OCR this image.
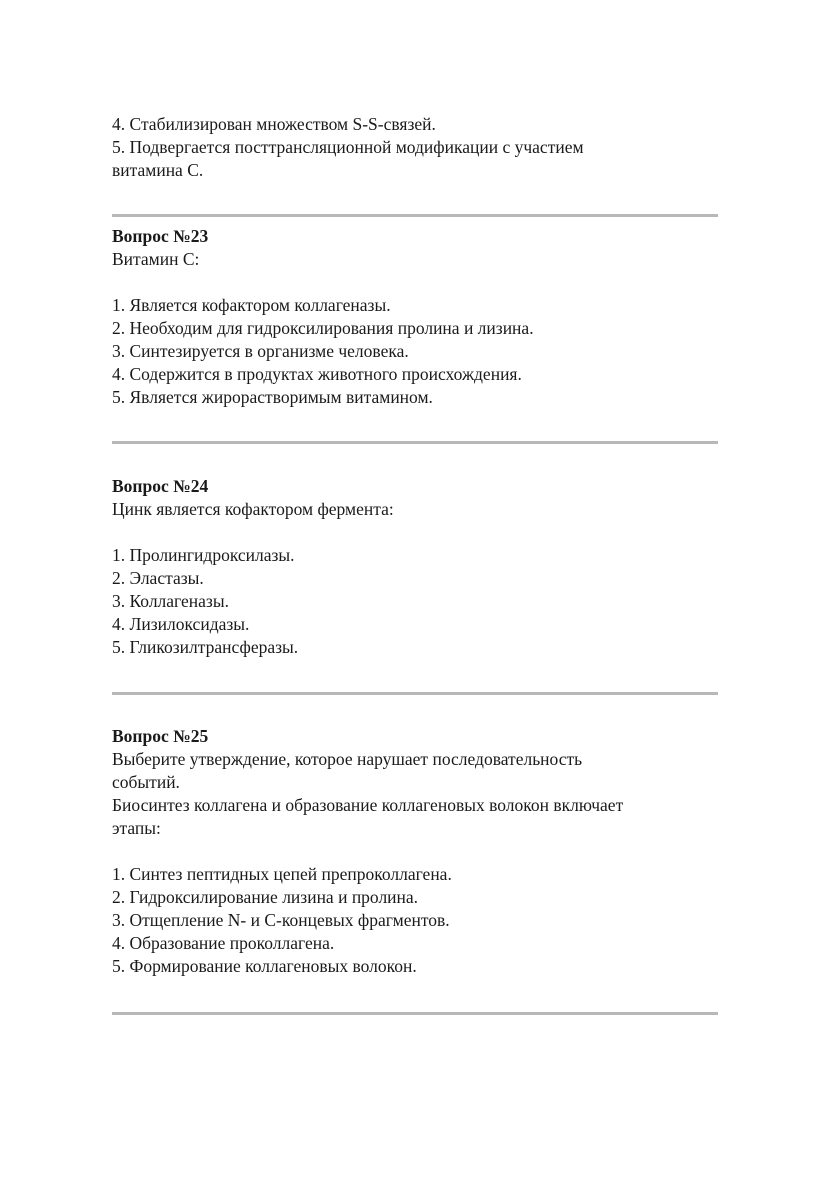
4. Стабилизирован множеством S-S-связей.
5. Подвергается посттрансляционной модификации с участием
витамина С.
Вопрос №23
Витамин С:
1. Является кофактором коллагеназы.
2. Необходим для гидроксилирования пролина и лизина.
3. Синтезируется в организме человека.
4. Содержится в продуктах животного происхождения.
5. Является жирорастворимым витамином.
Вопрос №24
Цинк является кофактором фермента:
1. Пролингидроксилазы.
2. Эластазы.
3. Коллагеназы.
4. Лизилоксидазы.
5. Гликозилтрансферазы.
Вопрос №25
Выберите утверждение, которое нарушает последовательность
событий.
Биосинтез коллагена и образование коллагеновых волокон включает
этапы:
1. Синтез пептидных цепей препроколлагена.
2. Гидроксилирование лизина и пролина.
3. Отщепление N- и С-концевых фрагментов.
4. Образование проколлагена.
5. Формирование коллагеновых волокон.
